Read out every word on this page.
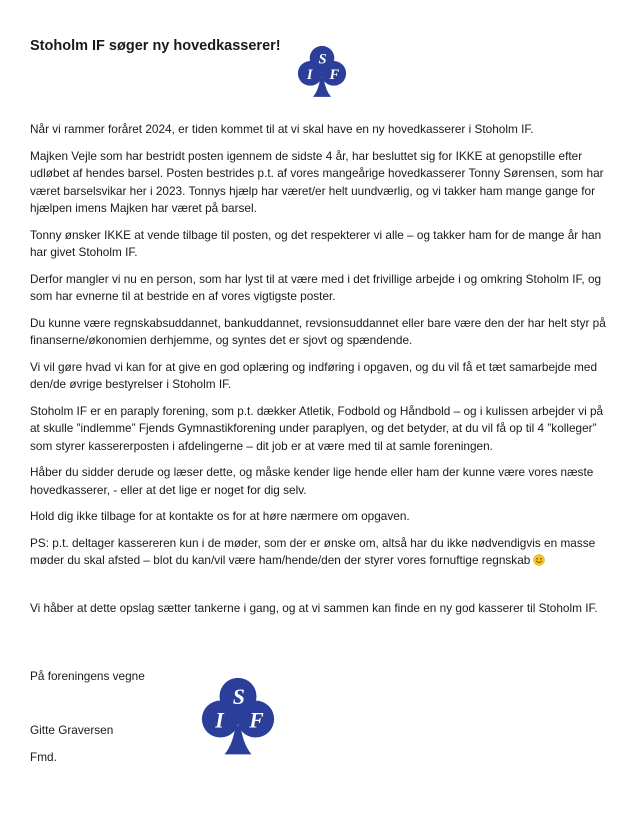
Stoholm IF søger ny hovedkasserer!
S
I F

Når vi rammer foråret 2024, er tiden kommet til at vi skal have en ny hovedkasserer i Stoholm IF.

Majken Vejle som har bestridt posten igennem de sidste 4 år, har besluttet sig for IKKE at genopstille efter udløbet af hendes barsel. Posten bestrides p.t. af vores mangeårige hovedkasserer Tonny Sørensen, som har været barselsvikar her i 2023. Tonnys hjælp har været/er helt uundværlig, og vi takker ham mange gange for hjælpen imens Majken har været på barsel.

Tonny ønsker IKKE at vende tilbage til posten, og det respekterer vi alle – og takker ham for de mange år han har givet Stoholm IF.

Derfor mangler vi nu en person, som har lyst til at være med i det frivillige arbejde i og omkring Stoholm IF, og som har evnerne til at bestride en af vores vigtigste poster.

Du kunne være regnskabsuddannet, bankuddannet, revsionsuddannet eller bare være den der har helt styr på finanserne/økonomien derhjemme, og syntes det er sjovt og spændende.

Vi vil gøre hvad vi kan for at give en god oplæring og indføring i opgaven, og du vil få et tæt samarbejde med den/de øvrige bestyrelser i Stoholm IF.

Stoholm IF er en paraply forening, som p.t. dækker Atletik, Fodbold og Håndbold – og i kulissen arbejder vi på at skulle ”indlemme” Fjends Gymnastikforening under paraplyen, og det betyder, at du vil få op til 4 ”kolleger” som styrer kassererposten i afdelingerne – dit job er at være med til at samle foreningen.

Håber du sidder derude og læser dette, og måske kender lige hende eller ham der kunne være vores næste hovedkasserer, - eller at det lige er noget for dig selv.

Hold dig ikke tilbage for at kontakte os for at høre nærmere om opgaven.

PS: p.t. deltager kassereren kun i de møder, som der er ønske om, altså har du ikke nødvendigvis en masse møder du skal afsted – blot du kan/vil være ham/hende/den der styrer vores fornuftige regnskab

Vi håber at dette opslag sætter tankerne i gang, og at vi sammen kan finde en ny god kasserer til Stoholm IF.

På foreningens vegne
Gitte Graversen
Fmd.
S
I F
